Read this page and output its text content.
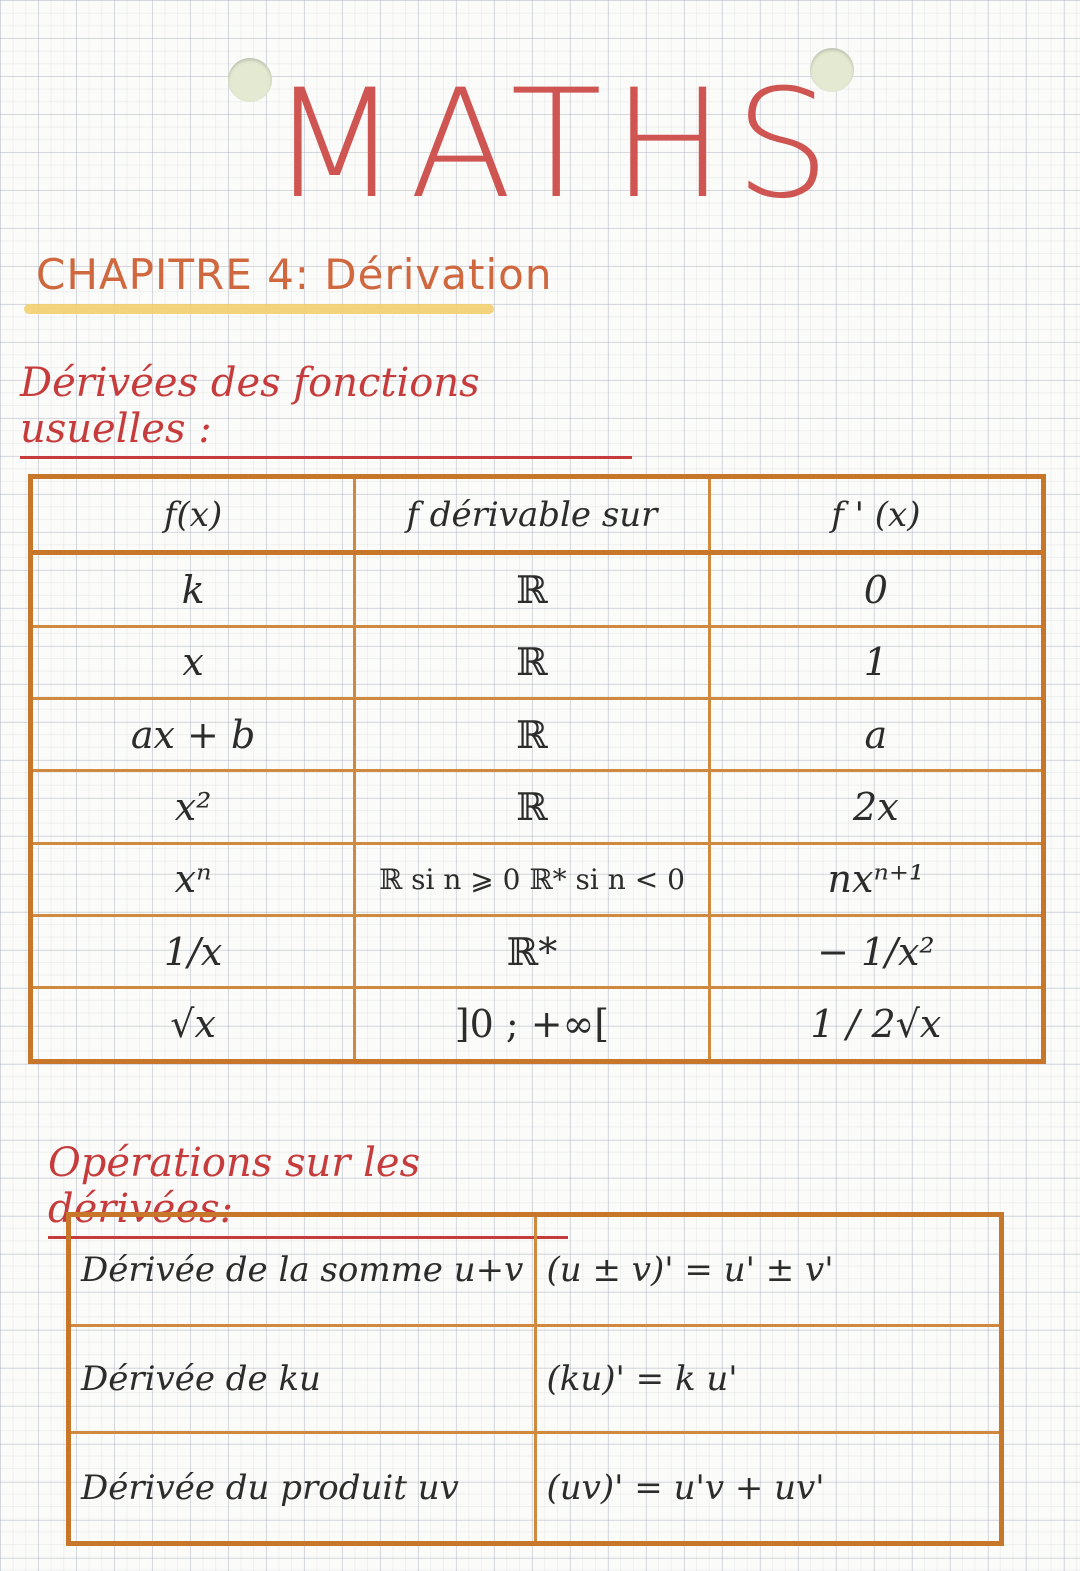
MATHS
CHAPITRE 4: Dérivation
Dérivées des fonctions usuelles :
f(x)	f dérivable sur	f ' (x)
k	ℝ	0
x	ℝ	1
ax + b	ℝ	a
x²	ℝ	2x
xⁿ	ℝ si n ⩾ 0 ℝ* si n < 0	nxⁿ⁺¹
1/x	ℝ*	− 1/x²
√x	]0 ; +∞[	1 / 2√x
Opérations sur les dérivées:
Dérivée de la somme u+v	(u ± v)' = u' ± v'
Dérivée de ku	(ku)' = k u'
Dérivée du produit uv	(uv)' = u'v + uv'
